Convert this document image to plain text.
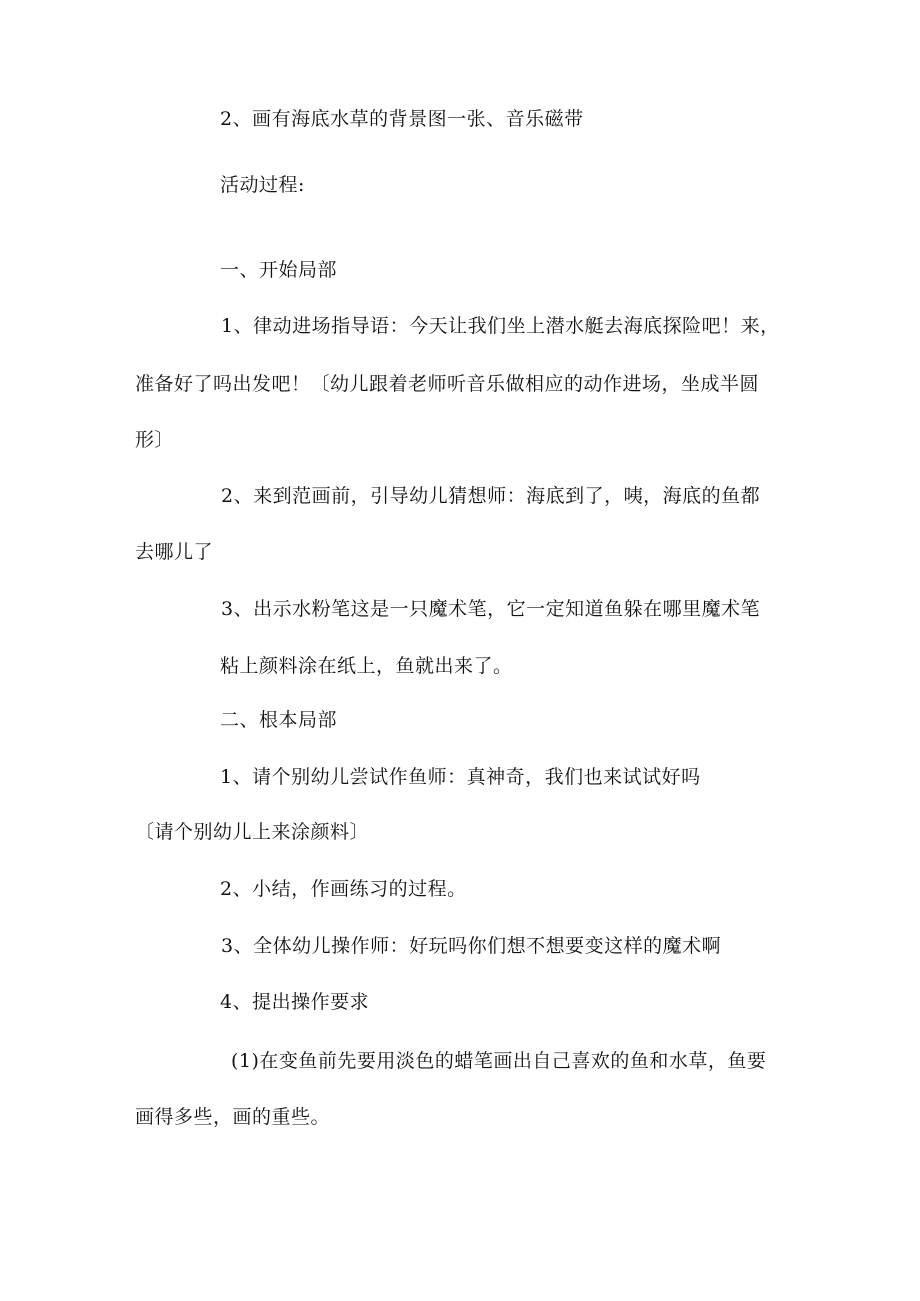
2、画有海底水草的背景图一张、音乐磁带
活动过程:
一、开始局部
1、律动进场指导语：今天让我们坐上潜水艇去海底探险吧！来，
准备好了吗出发吧！〔幼儿跟着老师听音乐做相应的动作进场，坐成半圆
形〕
2、来到范画前，引导幼儿猜想师：海底到了，咦，海底的鱼都
去哪儿了
3、出示水粉笔这是一只魔术笔，它一定知道鱼躲在哪里魔术笔
粘上颜料涂在纸上，鱼就出来了。
二、根本局部
1、请个别幼儿尝试作鱼师：真神奇，我们也来试试好吗
〔请个别幼儿上来涂颜料〕
2、小结，作画练习的过程。
3、全体幼儿操作师：好玩吗你们想不想要变这样的魔术啊
4、提出操作要求
(1)在变鱼前先要用淡色的蜡笔画出自己喜欢的鱼和水草，鱼要
画得多些，画的重些。
